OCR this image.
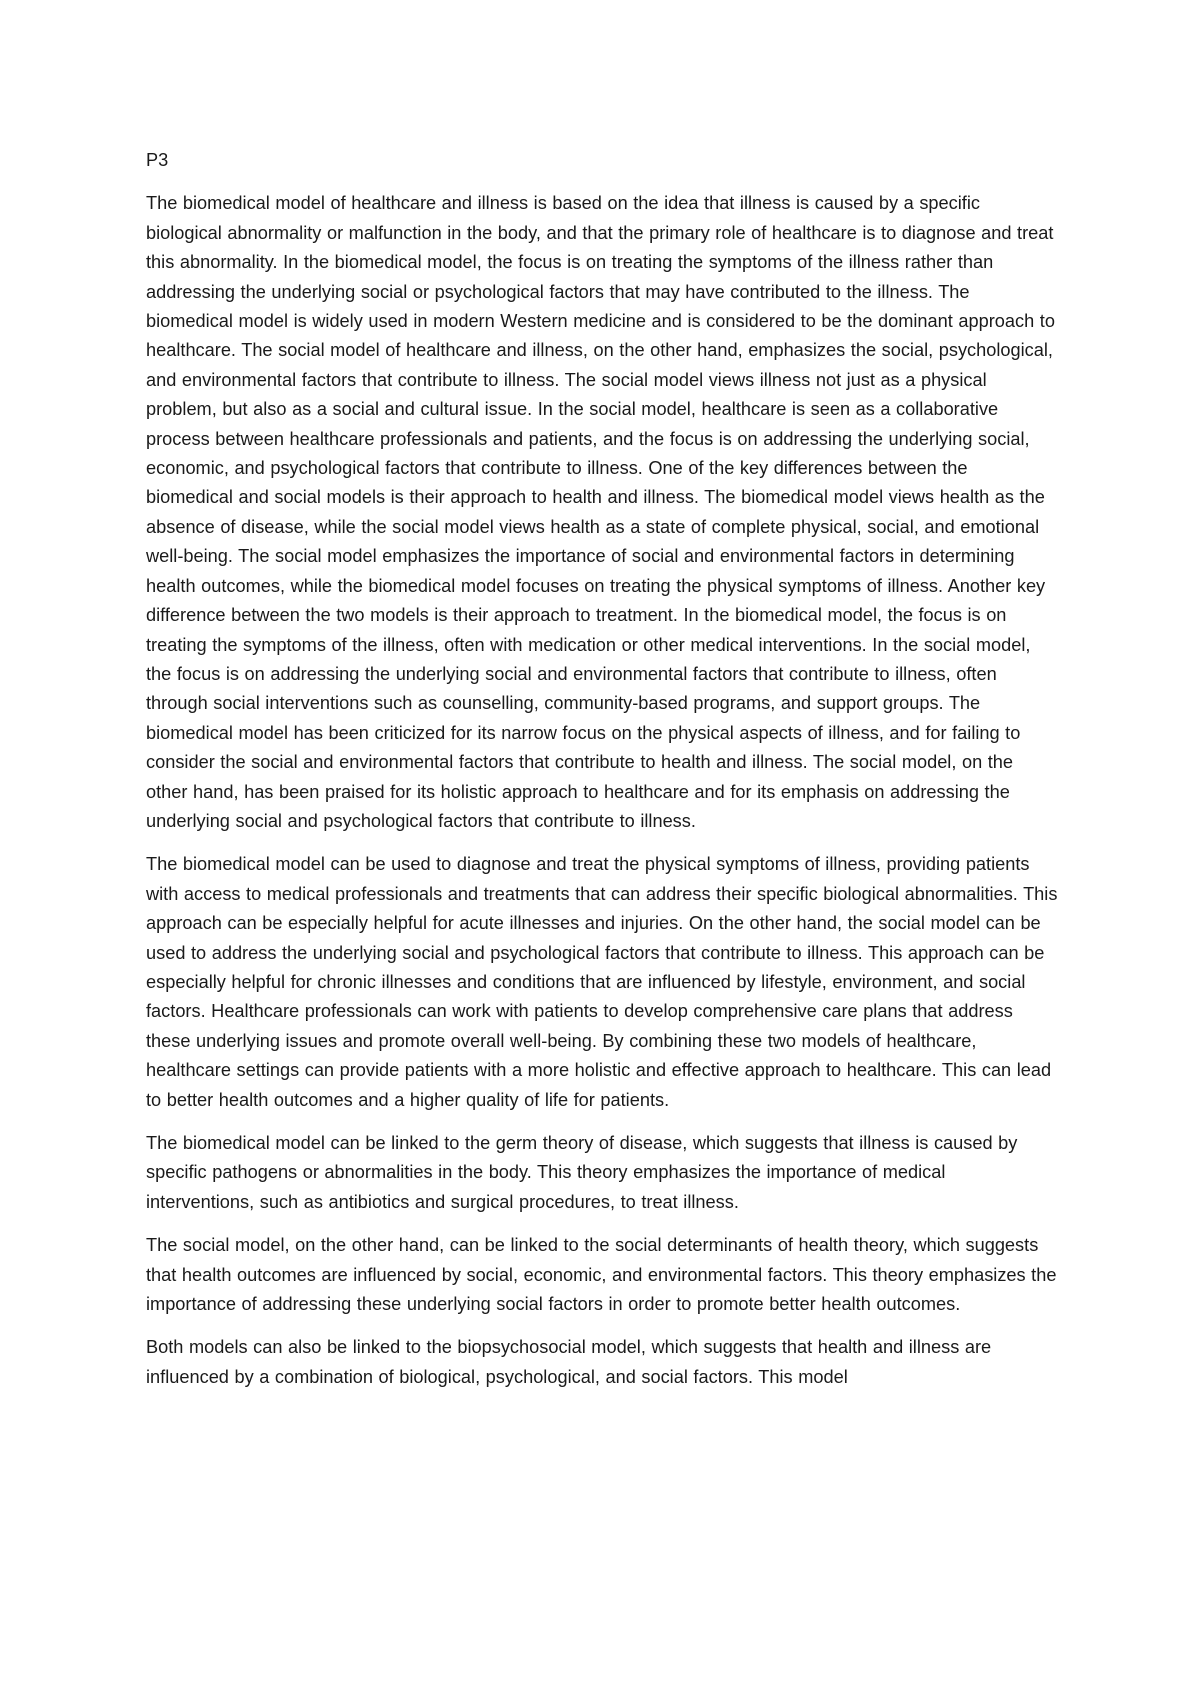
P3

The biomedical model of healthcare and illness is based on the idea that illness is caused by a specific biological abnormality or malfunction in the body, and that the primary role of healthcare is to diagnose and treat this abnormality. In the biomedical model, the focus is on treating the symptoms of the illness rather than addressing the underlying social or psychological factors that may have contributed to the illness. The biomedical model is widely used in modern Western medicine and is considered to be the dominant approach to healthcare. The social model of healthcare and illness, on the other hand, emphasizes the social, psychological, and environmental factors that contribute to illness. The social model views illness not just as a physical problem, but also as a social and cultural issue. In the social model, healthcare is seen as a collaborative process between healthcare professionals and patients, and the focus is on addressing the underlying social, economic, and psychological factors that contribute to illness. One of the key differences between the biomedical and social models is their approach to health and illness. The biomedical model views health as the absence of disease, while the social model views health as a state of complete physical, social, and emotional well-being. The social model emphasizes the importance of social and environmental factors in determining health outcomes, while the biomedical model focuses on treating the physical symptoms of illness. Another key difference between the two models is their approach to treatment. In the biomedical model, the focus is on treating the symptoms of the illness, often with medication or other medical interventions. In the social model, the focus is on addressing the underlying social and environmental factors that contribute to illness, often through social interventions such as counselling, community-based programs, and support groups. The biomedical model has been criticized for its narrow focus on the physical aspects of illness, and for failing to consider the social and environmental factors that contribute to health and illness. The social model, on the other hand, has been praised for its holistic approach to healthcare and for its emphasis on addressing the underlying social and psychological factors that contribute to illness.

The biomedical model can be used to diagnose and treat the physical symptoms of illness, providing patients with access to medical professionals and treatments that can address their specific biological abnormalities. This approach can be especially helpful for acute illnesses and injuries. On the other hand, the social model can be used to address the underlying social and psychological factors that contribute to illness. This approach can be especially helpful for chronic illnesses and conditions that are influenced by lifestyle, environment, and social factors. Healthcare professionals can work with patients to develop comprehensive care plans that address these underlying issues and promote overall well-being. By combining these two models of healthcare, healthcare settings can provide patients with a more holistic and effective approach to healthcare. This can lead to better health outcomes and a higher quality of life for patients.

The biomedical model can be linked to the germ theory of disease, which suggests that illness is caused by specific pathogens or abnormalities in the body. This theory emphasizes the importance of medical interventions, such as antibiotics and surgical procedures, to treat illness.

The social model, on the other hand, can be linked to the social determinants of health theory, which suggests that health outcomes are influenced by social, economic, and environmental factors. This theory emphasizes the importance of addressing these underlying social factors in order to promote better health outcomes.

Both models can also be linked to the biopsychosocial model, which suggests that health and illness are influenced by a combination of biological, psychological, and social factors. This model
